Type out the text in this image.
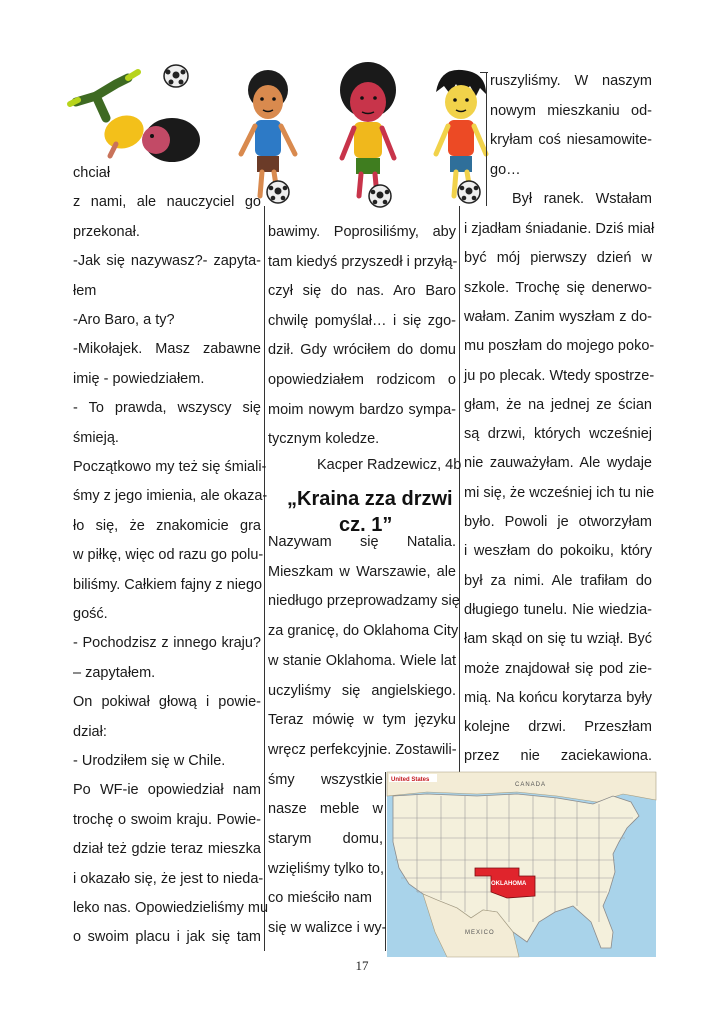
chciał
z nami, ale nauczyciel go
przekonał.
-Jak się nazywasz?- zapyta-
łem
-Aro Baro, a ty?
-Mikołajek. Masz zabawne
imię - powiedziałem.
- To prawda, wszyscy się
śmieją.
Początkowo my też się śmiali-
śmy z jego imienia, ale okaza-
ło się, że znakomicie gra
w piłkę, więc od razu go polu-
biliśmy. Całkiem fajny z niego
gość.
- Pochodzisz z innego kraju?
– zapytałem.
On pokiwał głową i powie-
dział:
- Urodziłem się w Chile.
Po WF-ie opowiedział nam
trochę o swoim kraju. Powie-
dział też gdzie teraz mieszka
i okazało się, że jest to nieda-
leko nas. Opowiedzieliśmy mu
o swoim placu i jak się tam
bawimy. Poprosiliśmy, aby
tam kiedyś przyszedł i przyłą-
czył się do nas. Aro Baro
chwilę pomyślał… i się zgo-
dził. Gdy wróciłem do domu
opowiedziałem rodzicom o
moim nowym bardzo sympa-
tycznym koledze.
Kacper Radzewicz, 4b
„Kraina zza drzwi
cz. 1”
Nazywam się Natalia.
Mieszkam w Warszawie, ale
niedługo przeprowadzamy się
za granicę, do Oklahoma City
w stanie Oklahoma. Wiele lat
uczyliśmy się angielskiego.
Teraz mówię w tym języku
wręcz perfekcyjnie. Zostawili-
śmy wszystkie
nasze meble w
starym domu,
wzięliśmy tylko to,
co mieściło nam
się w walizce i wy-
ruszyliśmy. W naszym
nowym mieszkaniu od-
kryłam coś niesamowite-
go…
Był ranek. Wstałam
i zjadłam śniadanie. Dziś miał
być mój pierwszy dzień w
szkole. Trochę się denerwo-
wałam. Zanim wyszłam z do-
mu poszłam do mojego poko-
ju po plecak. Wtedy spostrze-
głam, że na jednej ze ścian
są drzwi, których wcześniej
nie zauważyłam. Ale wydaje
mi się, że wcześniej ich tu nie
było. Powoli je otworzyłam
i weszłam do pokoiku, który
był za nimi. Ale trafiłam do
długiego tunelu. Nie wiedzia-
łam skąd on się tu wziął. Być
może znajdował się pod zie-
mią. Na końcu korytarza były
kolejne drzwi. Przeszłam
przez nie zaciekawiona.
United States
CANADA
MEXICO
OKLAHOMA
17
